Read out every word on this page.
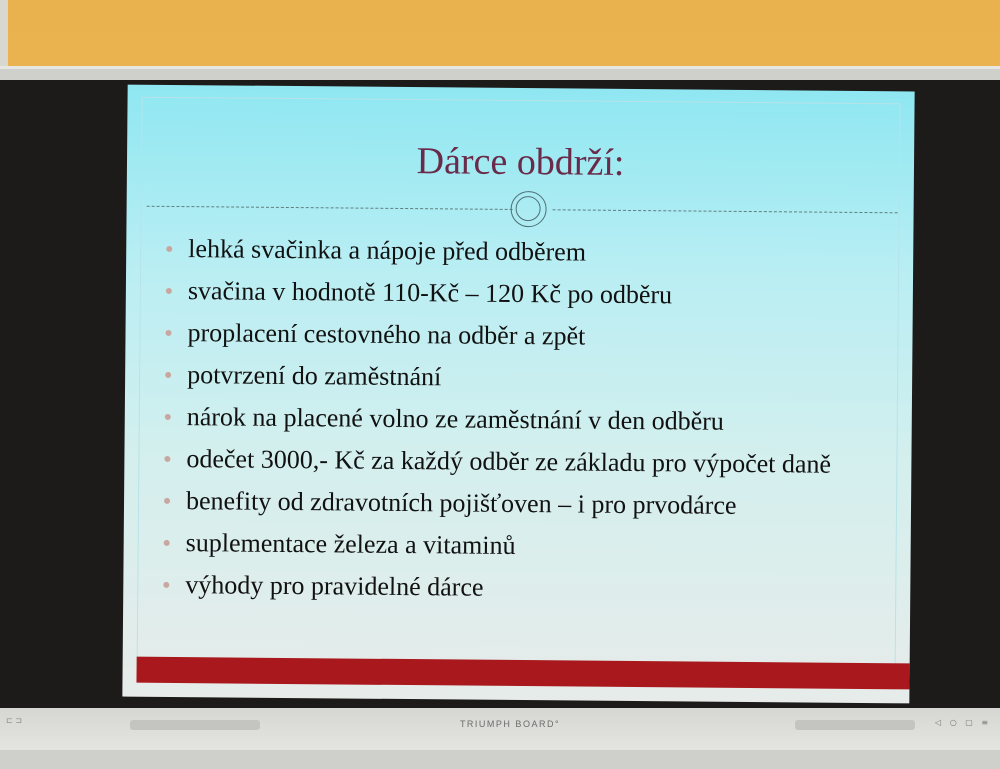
Dárce obdrží:
lehká svačinka a nápoje před odběrem
svačina v hodnotě 110-Kč – 120 Kč po odběru
proplacení cestovného na odběr a zpět
potvrzení do zaměstnání
nárok na placené volno ze zaměstnání v den odběru
odečet 3000,- Kč za každý odběr ze základu pro výpočet daně
benefity od zdravotních pojišťoven – i pro prvodárce
suplementace železa a vitaminů
výhody pro pravidelné dárce
⊏ ⊐	TRIUMPH BOARD°	◁ ○ ▢ ≡
